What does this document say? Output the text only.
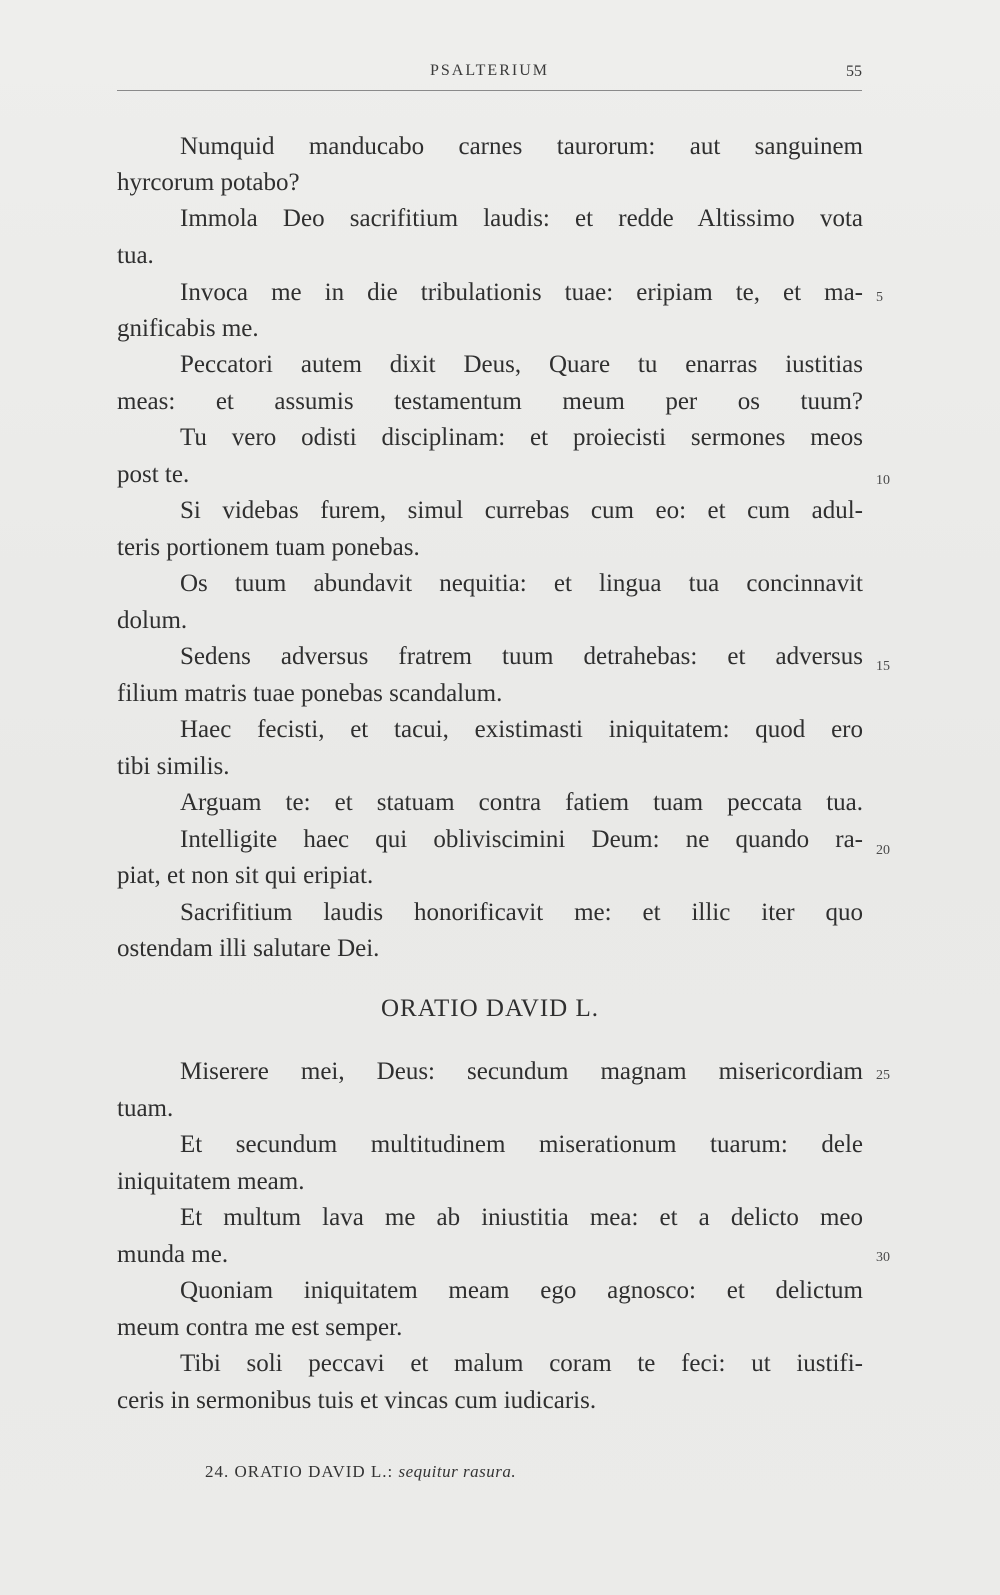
PSALTERIUM	55
Numquid manducabo carnes taurorum: aut sanguinem
hyrcorum potabo?
Immola Deo sacrifitium laudis: et redde Altissimo vota
tua.
Invoca me in die tribulationis tuae: eripiam te, et ma-
gnificabis me.
Peccatori autem dixit Deus, Quare tu enarras iustitias
meas: et assumis testamentum meum per os tuum?
Tu vero odisti disciplinam: et proiecisti sermones meos
post te.
Si videbas furem, simul currebas cum eo: et cum adul-
teris portionem tuam ponebas.
Os tuum abundavit nequitia: et lingua tua concinnavit
dolum.
Sedens adversus fratrem tuum detrahebas: et adversus
filium matris tuae ponebas scandalum.
Haec fecisti, et tacui, existimasti iniquitatem: quod ero
tibi similis.
Arguam te: et statuam contra fatiem tuam peccata tua.
Intelligite haec qui obliviscimini Deum: ne quando ra-
piat, et non sit qui eripiat.
Sacrifitium laudis honorificavit me: et illic iter quo
ostendam illi salutare Dei.
ORATIO DAVID L.
Miserere mei, Deus: secundum magnam misericordiam
tuam.
Et secundum multitudinem miserationum tuarum: dele
iniquitatem meam.
Et multum lava me ab iniustitia mea: et a delicto meo
munda me.
Quoniam iniquitatem meam ego agnosco: et delictum
meum contra me est semper.
Tibi soli peccavi et malum coram te feci: ut iustifi-
ceris in sermonibus tuis et vincas cum iudicaris.
5
10
15
20
25
30
24. ORATIO DAVID L.: sequitur rasura.
